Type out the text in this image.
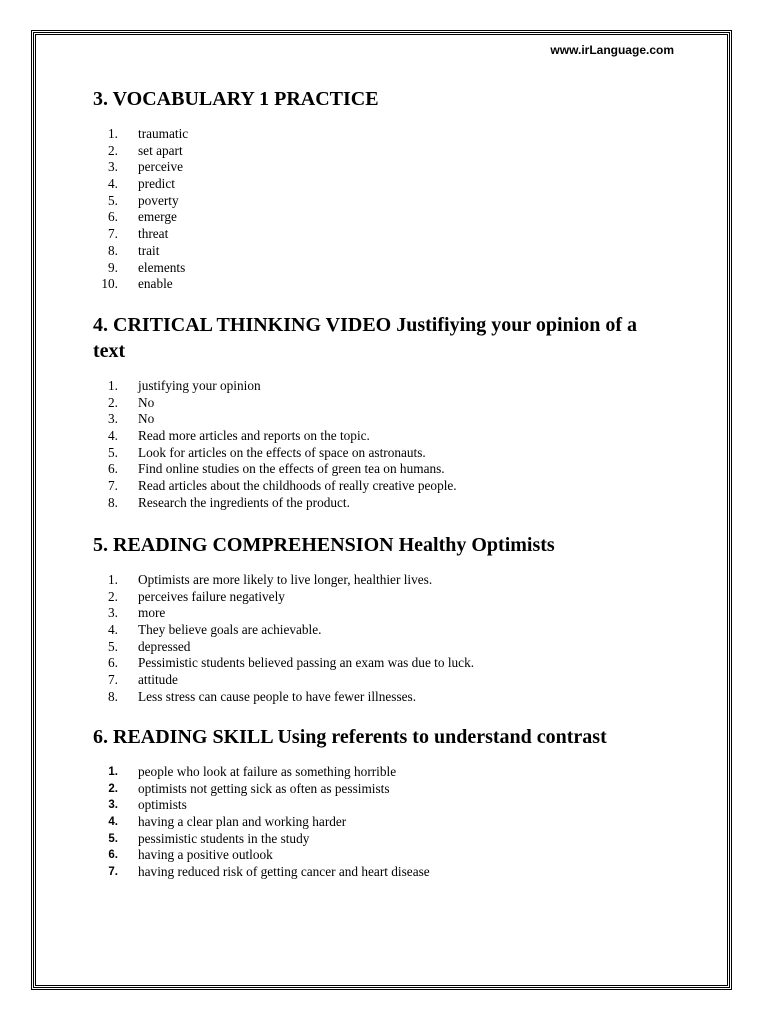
www.irLanguage.com
3. VOCABULARY 1 PRACTICE
1.	traumatic
2.	set apart
3.	perceive
4.	predict
5.	poverty
6.	emerge
7.	threat
8.	trait
9.	elements
10.	enable
4. CRITICAL THINKING VIDEO Justifiying your opinion of a text
1.	justifying your opinion
2.	No
3.	No
4.	Read more articles and reports on the topic.
5.	Look for articles on the effects of space on astronauts.
6.	Find online studies on the effects of green tea on humans.
7.	Read articles about the childhoods of really creative people.
8.	Research the ingredients of the product.
5. READING COMPREHENSION Healthy Optimists
1.	Optimists are more likely to live longer, healthier lives.
2.	perceives failure negatively
3.	more
4.	They believe goals are achievable.
5.	depressed
6.	Pessimistic students believed passing an exam was due to luck.
7.	attitude
8.	Less stress can cause people to have fewer illnesses.
6. READING SKILL Using referents to understand contrast
1.	people who look at failure as something horrible
2.	optimists not getting sick as often as pessimists
3.	optimists
4.	having a clear plan and working harder
5.	pessimistic students in the study
6.	having a positive outlook
7.	having reduced risk of getting cancer and heart disease
